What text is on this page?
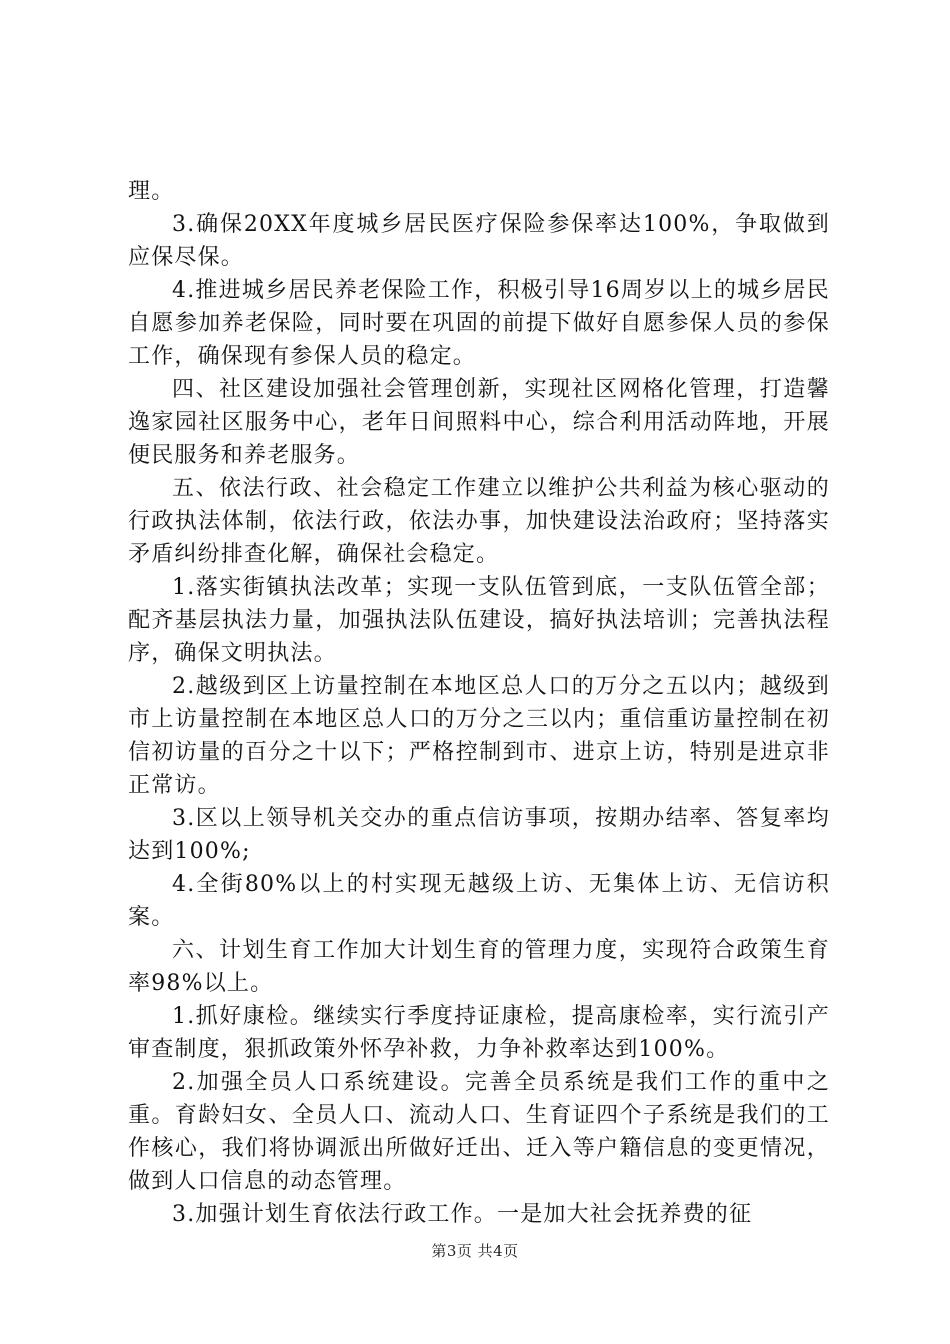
理。

3.确保20XX年度城乡居民医疗保险参保率达100%，争取做到应保尽保。

4.推进城乡居民养老保险工作，积极引导16周岁以上的城乡居民自愿参加养老保险，同时要在巩固的前提下做好自愿参保人员的参保工作，确保现有参保人员的稳定。

四、社区建设加强社会管理创新，实现社区网格化管理，打造馨逸家园社区服务中心，老年日间照料中心，综合利用活动阵地，开展便民服务和养老服务。

五、依法行政、社会稳定工作建立以维护公共利益为核心驱动的行政执法体制，依法行政，依法办事，加快建设法治政府；坚持落实矛盾纠纷排查化解，确保社会稳定。

1.落实街镇执法改革；实现一支队伍管到底，一支队伍管全部；配齐基层执法力量，加强执法队伍建设，搞好执法培训；完善执法程序，确保文明执法。

2.越级到区上访量控制在本地区总人口的万分之五以内；越级到市上访量控制在本地区总人口的万分之三以内；重信重访量控制在初信初访量的百分之十以下；严格控制到市、进京上访，特别是进京非正常访。

3.区以上领导机关交办的重点信访事项，按期办结率、答复率均达到100%;

4.全街80%以上的村实现无越级上访、无集体上访、无信访积案。

六、计划生育工作加大计划生育的管理力度，实现符合政策生育率98%以上。

1.抓好康检。继续实行季度持证康检，提高康检率，实行流引产审查制度，狠抓政策外怀孕补救，力争补救率达到100%。

2.加强全员人口系统建设。完善全员系统是我们工作的重中之重。育龄妇女、全员人口、流动人口、生育证四个子系统是我们的工作核心，我们将协调派出所做好迁出、迁入等户籍信息的变更情况，做到人口信息的动态管理。

3.加强计划生育依法行政工作。一是加大社会抚养费的征

第3页 共4页
